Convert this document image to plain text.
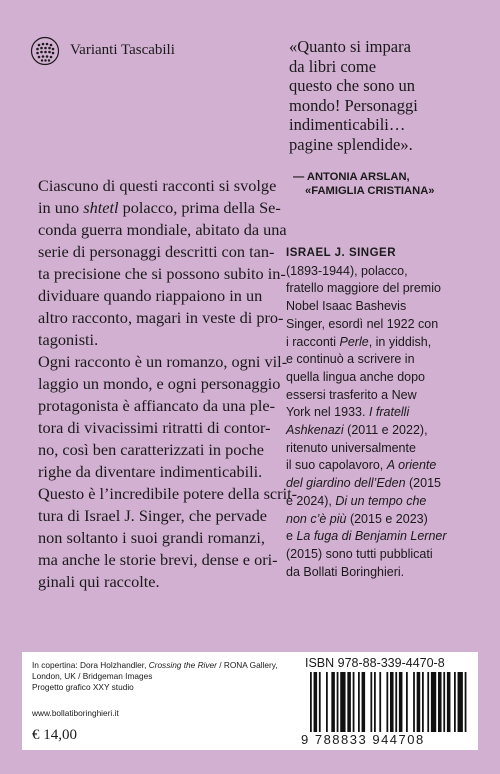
Varianti Tascabili	«Quanto si impara
da libri come
questo che sono un
mondo! Personaggi
indimenticabili…
pagine splendide».
— ANTONIA ARSLAN,
«FAMIGLIA CRISTIANA»
Ciascuno di questi racconti si svolge
in uno shtetl polacco, prima della Se-
conda guerra mondiale, abitato da una
serie di personaggi descritti con tan-
ta precisione che si possono subito in-
dividuare quando riappaiono in un
altro racconto, magari in veste di pro-
tagonisti.
Ogni racconto è un romanzo, ogni vil-
laggio un mondo, e ogni personaggio
protagonista è affiancato da una ple-
tora di vivacissimi ritratti di contor-
no, così ben caratterizzati in poche
righe da diventare indimenticabili.
Questo è l’incredibile potere della scrit-
tura di Israel J. Singer, che pervade
non soltanto i suoi grandi romanzi,
ma anche le storie brevi, dense e ori-
ginali qui raccolte.
ISRAEL J. SINGER
(1893-1944), polacco,
fratello maggiore del premio
Nobel Isaac Bashevis
Singer, esordì nel 1922 con
i racconti Perle, in yiddish,
e continuò a scrivere in
quella lingua anche dopo
essersi trasferito a New
York nel 1933. I fratelli
Ashkenazi (2011 e 2022),
ritenuto universalmente
il suo capolavoro, A oriente
del giardino dell’Eden (2015
e 2024), Di un tempo che
non c’è più (2015 e 2023)
e La fuga di Benjamin Lerner
(2015) sono tutti pubblicati
da Bollati Boringhieri.
In copertina: Dora Holzhandler, Crossing the River / RONA Gallery,
London, UK / Bridgeman Images
Progetto grafico XXY studio
www.bollatiboringhieri.it
€ 14,00
ISBN 978-88-339-4470-8
9 788833 944708
